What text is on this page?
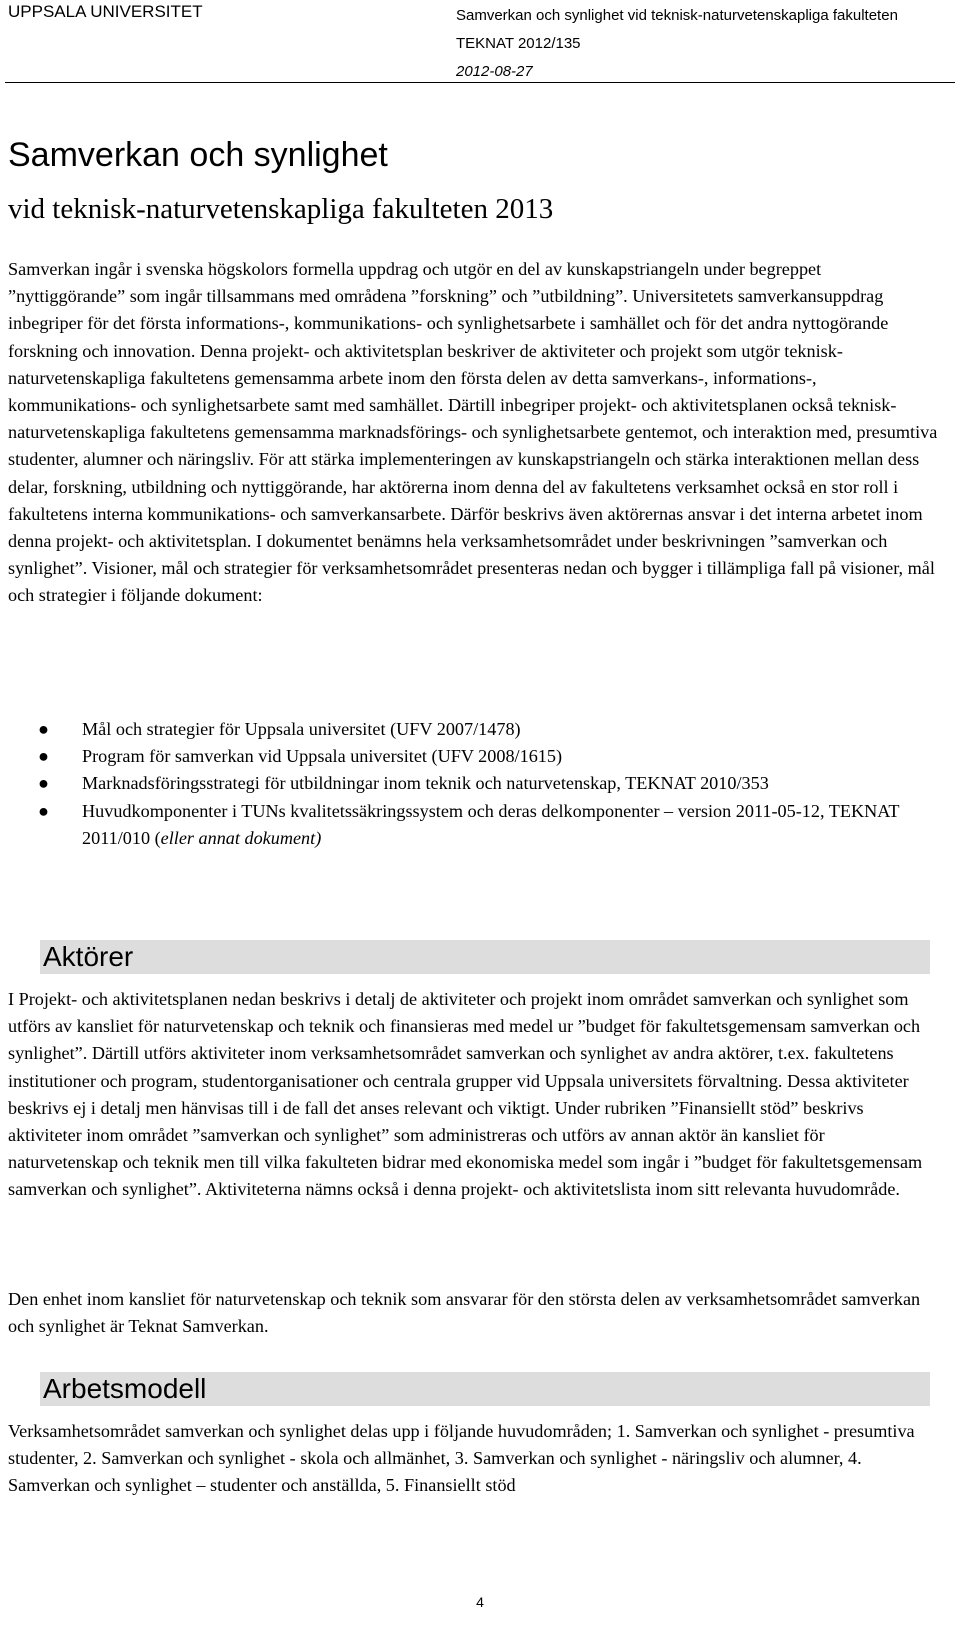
UPPSALA UNIVERSITET	Samverkan och synlighet vid teknisk-naturvetenskapliga fakulteten
TEKNAT 2012/135
2012-08-27
Samverkan och synlighet
vid teknisk-naturvetenskapliga fakulteten 2013

Samverkan ingår i svenska högskolors formella uppdrag och utgör en del av kunskapstriangeln under begreppet ”nyttiggörande” som ingår tillsammans med områdena ”forskning” och ”utbildning”. Universitetets samverkansuppdrag inbegriper för det första informations-, kommunikations- och synlighetsarbete i samhället och för det andra nyttogörande forskning och innovation. Denna projekt- och aktivitetsplan beskriver de aktiviteter och projekt som utgör teknisk-naturvetenskapliga fakultetens gemensamma arbete inom den första delen av detta samverkans-, informations-, kommunikations- och synlighetsarbete samt med samhället. Därtill inbegriper projekt- och aktivitetsplanen också teknisk- naturvetenskapliga fakultetens gemensamma marknadsförings- och synlighetsarbete gentemot, och interaktion med, presumtiva studenter, alumner och näringsliv. För att stärka implementeringen av kunskapstriangeln och stärka interaktionen mellan dess delar, forskning, utbildning och nyttiggörande, har aktörerna inom denna del av fakultetens verksamhet också en stor roll i fakultetens interna kommunikations- och samverkansarbete. Därför beskrivs även aktörernas ansvar i det interna arbetet inom denna projekt- och aktivitetsplan. I dokumentet benämns hela verksamhetsområdet under beskrivningen ”samverkan och synlighet”. Visioner, mål och strategier för verksamhetsområdet presenteras nedan och bygger i tillämpliga fall på visioner, mål och strategier i följande dokument:

● Mål och strategier för Uppsala universitet (UFV 2007/1478)
● Program för samverkan vid Uppsala universitet (UFV 2008/1615)
● Marknadsföringsstrategi för utbildningar inom teknik och naturvetenskap, TEKNAT 2010/353
● Huvudkomponenter i TUNs kvalitetssäkringssystem och deras delkomponenter – version 2011-05-12, TEKNAT 2011/010 (eller annat dokument)
Aktörer

I Projekt- och aktivitetsplanen nedan beskrivs i detalj de aktiviteter och projekt inom området samverkan och synlighet som utförs av kansliet för naturvetenskap och teknik och finansieras med medel ur ”budget för fakultetsgemensam samverkan och synlighet”. Därtill utförs aktiviteter inom verksamhetsområdet samverkan och synlighet av andra aktörer, t.ex. fakultetens institutioner och program, studentorganisationer och centrala grupper vid Uppsala universitets förvaltning. Dessa aktiviteter beskrivs ej i detalj men hänvisas till i de fall det anses relevant och viktigt. Under rubriken ”Finansiellt stöd” beskrivs aktiviteter inom området ”samverkan och synlighet” som administreras och utförs av annan aktör än kansliet för naturvetenskap och teknik men till vilka fakulteten bidrar med ekonomiska medel som ingår i ”budget för fakultetsgemensam samverkan och synlighet”. Aktiviteterna nämns också i denna projekt- och aktivitetslista inom sitt relevanta huvudområde.

Den enhet inom kansliet för naturvetenskap och teknik som ansvarar för den största delen av verksamhetsområdet samverkan och synlighet är Teknat Samverkan.

Arbetsmodell

Verksamhetsområdet samverkan och synlighet delas upp i följande huvudområden; 1. Samverkan och synlighet - presumtiva studenter, 2. Samverkan och synlighet - skola och allmänhet, 3. Samverkan och synlighet - näringsliv och alumner, 4. Samverkan och synlighet – studenter och anställda, 5. Finansiellt stöd

4
